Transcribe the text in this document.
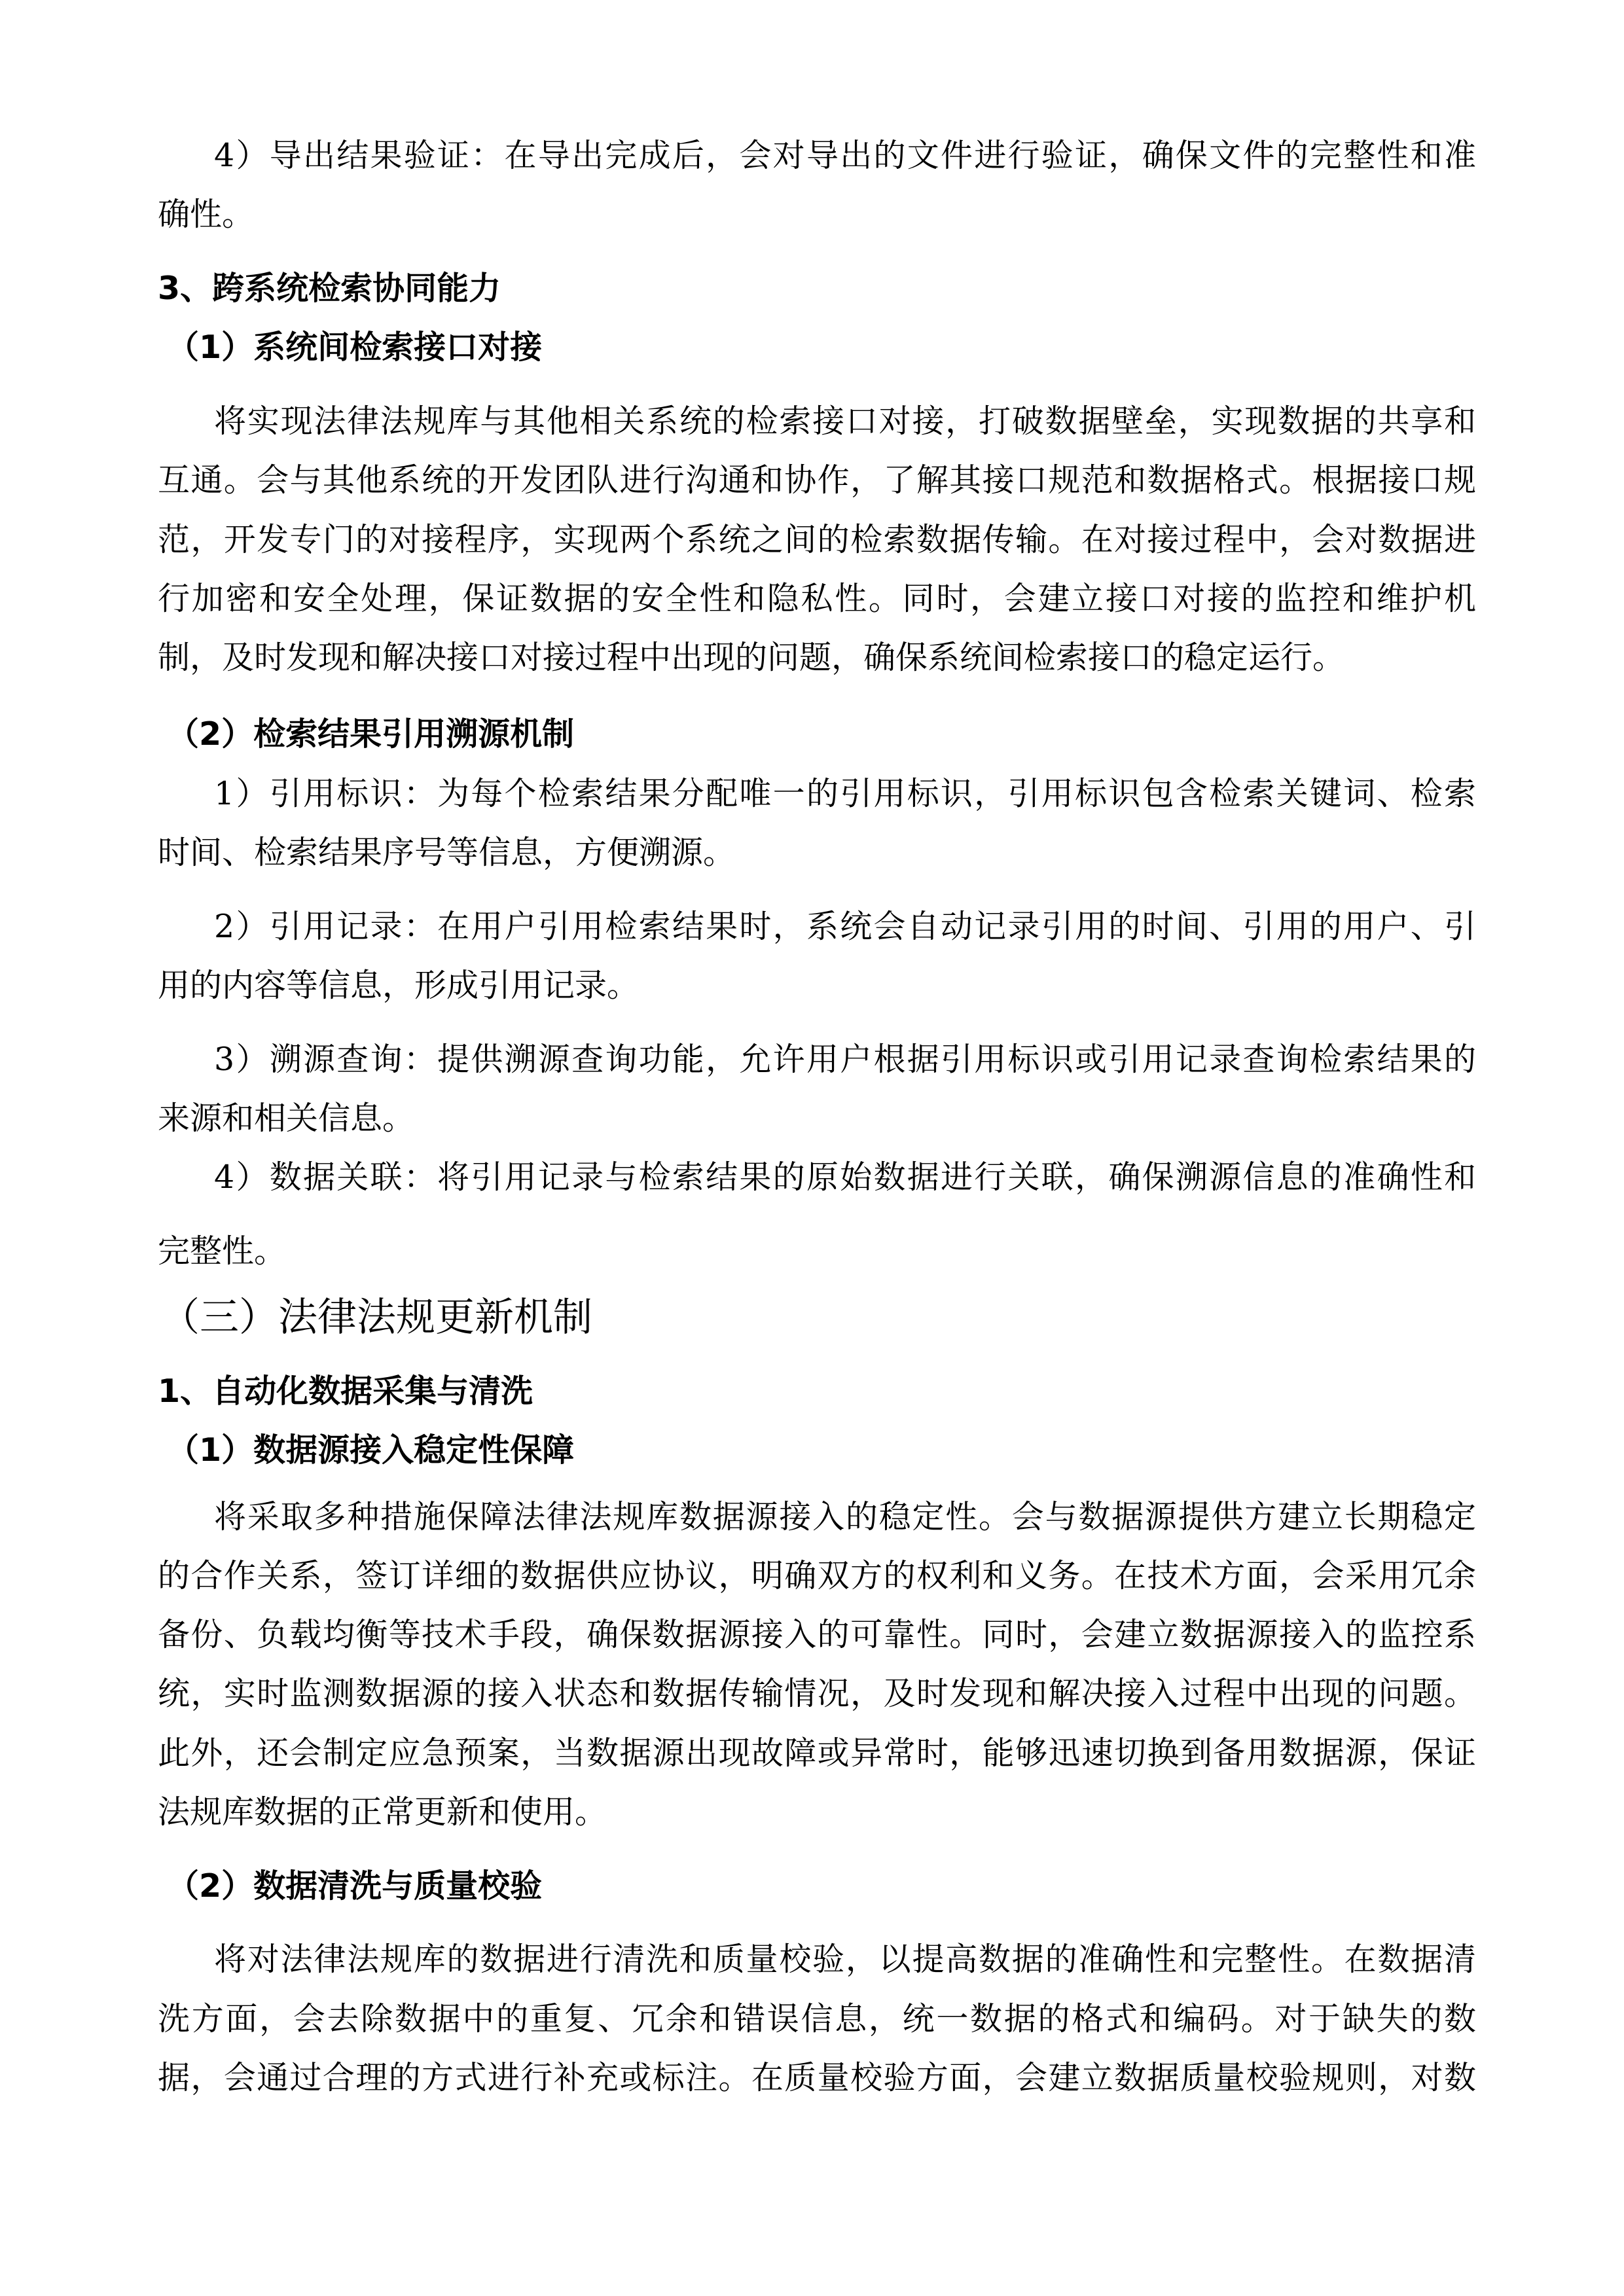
4）导出结果验证：在导出完成后，会对导出的文件进行验证，确保文件的完整性和准
确性。
3、跨系统检索协同能力
（1）系统间检索接口对接
将实现法律法规库与其他相关系统的检索接口对接，打破数据壁垒，实现数据的共享和
互通。会与其他系统的开发团队进行沟通和协作，了解其接口规范和数据格式。根据接口规
范，开发专门的对接程序，实现两个系统之间的检索数据传输。在对接过程中，会对数据进
行加密和安全处理，保证数据的安全性和隐私性。同时，会建立接口对接的监控和维护机
制，及时发现和解决接口对接过程中出现的问题，确保系统间检索接口的稳定运行。
（2）检索结果引用溯源机制
1）引用标识：为每个检索结果分配唯一的引用标识，引用标识包含检索关键词、检索
时间、检索结果序号等信息，方便溯源。
2）引用记录：在用户引用检索结果时，系统会自动记录引用的时间、引用的用户、引
用的内容等信息，形成引用记录。
3）溯源查询：提供溯源查询功能，允许用户根据引用标识或引用记录查询检索结果的
来源和相关信息。
4）数据关联：将引用记录与检索结果的原始数据进行关联，确保溯源信息的准确性和
完整性。
（三）法律法规更新机制
1、自动化数据采集与清洗
（1）数据源接入稳定性保障
将采取多种措施保障法律法规库数据源接入的稳定性。会与数据源提供方建立长期稳定
的合作关系，签订详细的数据供应协议，明确双方的权利和义务。在技术方面，会采用冗余
备份、负载均衡等技术手段，确保数据源接入的可靠性。同时，会建立数据源接入的监控系
统，实时监测数据源的接入状态和数据传输情况，及时发现和解决接入过程中出现的问题。
此外，还会制定应急预案，当数据源出现故障或异常时，能够迅速切换到备用数据源，保证
法规库数据的正常更新和使用。
（2）数据清洗与质量校验
将对法律法规库的数据进行清洗和质量校验，以提高数据的准确性和完整性。在数据清
洗方面，会去除数据中的重复、冗余和错误信息，统一数据的格式和编码。对于缺失的数
据，会通过合理的方式进行补充或标注。在质量校验方面，会建立数据质量校验规则，对数
